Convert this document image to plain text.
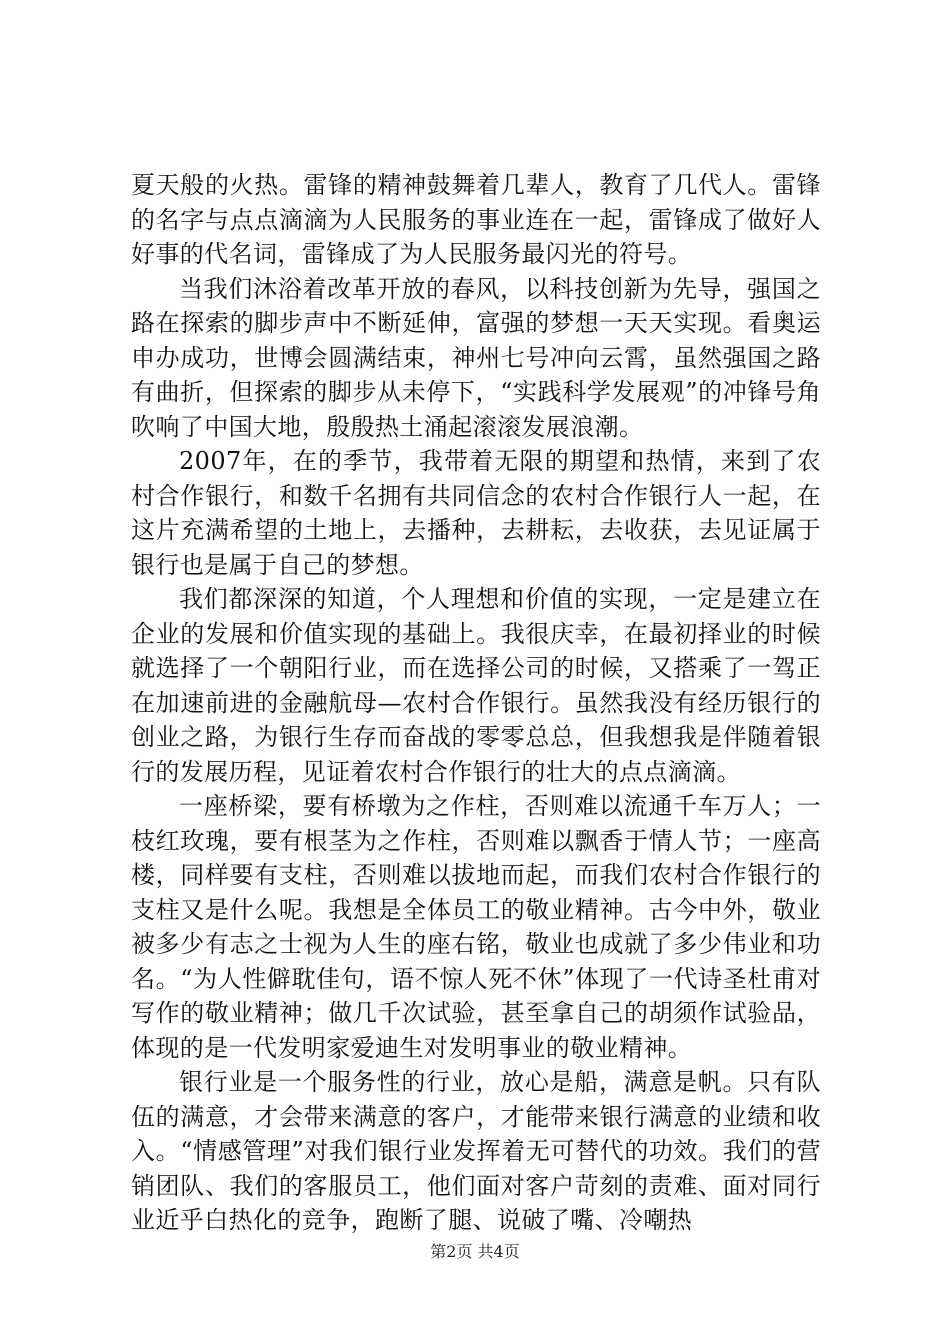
夏天般的火热。雷锋的精神鼓舞着几辈人，教育了几代人。雷锋的名字与点点滴滴为人民服务的事业连在一起，雷锋成了做好人好事的代名词，雷锋成了为人民服务最闪光的符号。

当我们沐浴着改革开放的春风，以科技创新为先导，强国之路在探索的脚步声中不断延伸，富强的梦想一天天实现。看奥运申办成功，世博会圆满结束，神州七号冲向云霄，虽然强国之路有曲折，但探索的脚步从未停下，“实践科学发展观”的冲锋号角吹响了中国大地，殷殷热土涌起滚滚发展浪潮。

2007年，在的季节，我带着无限的期望和热情，来到了农村合作银行，和数千名拥有共同信念的农村合作银行人一起，在这片充满希望的土地上，去播种，去耕耘，去收获，去见证属于银行也是属于自己的梦想。

我们都深深的知道，个人理想和价值的实现，一定是建立在企业的发展和价值实现的基础上。我很庆幸，在最初择业的时候就选择了一个朝阳行业，而在选择公司的时候，又搭乘了一驾正在加速前进的金融航母—农村合作银行。虽然我没有经历银行的创业之路，为银行生存而奋战的零零总总，但我想我是伴随着银行的发展历程，见证着农村合作银行的壮大的点点滴滴。

一座桥梁，要有桥墩为之作柱，否则难以流通千车万人；一枝红玫瑰，要有根茎为之作柱，否则难以飘香于情人节；一座高楼，同样要有支柱，否则难以拔地而起，而我们农村合作银行的支柱又是什么呢。我想是全体员工的敬业精神。古今中外，敬业被多少有志之士视为人生的座右铭，敬业也成就了多少伟业和功名。“为人性僻耽佳句，语不惊人死不休”体现了一代诗圣杜甫对写作的敬业精神；做几千次试验，甚至拿自己的胡须作试验品，体现的是一代发明家爱迪生对发明事业的敬业精神。

银行业是一个服务性的行业，放心是船，满意是帆。只有队伍的满意，才会带来满意的客户，才能带来银行满意的业绩和收入。“情感管理”对我们银行业发挥着无可替代的功效。我们的营销团队、我们的客服员工，他们面对客户苛刻的责难、面对同行业近乎白热化的竞争，跑断了腿、说破了嘴、冷嘲热

第2页 共4页
